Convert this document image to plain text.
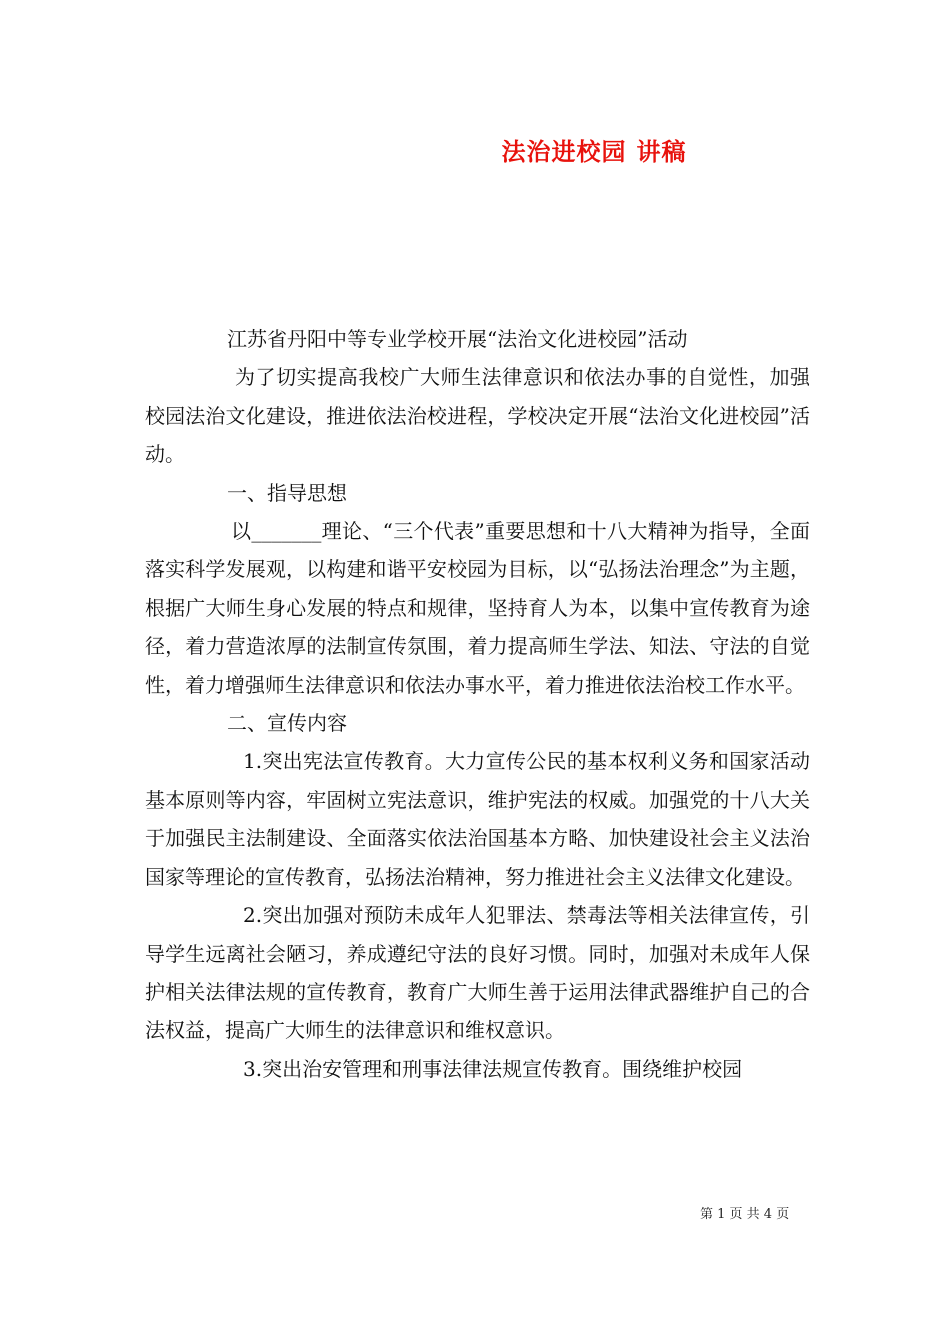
法治进校园 讲稿

江苏省丹阳中等专业学校开展“法治文化进校园”活动

为了切实提高我校广大师生法律意识和依法办事的自觉性，加强校园法治文化建设，推进依法治校进程，学校决定开展“法治文化进校园”活动。

一、指导思想

以_______理论、“三个代表”重要思想和十八大精神为指导，全面落实科学发展观，以构建和谐平安校园为目标，以“弘扬法治理念”为主题，根据广大师生身心发展的特点和规律，坚持育人为本，以集中宣传教育为途径，着力营造浓厚的法制宣传氛围，着力提高师生学法、知法、守法的自觉性，着力增强师生法律意识和依法办事水平，着力推进依法治校工作水平。

二、宣传内容

1.突出宪法宣传教育。大力宣传公民的基本权利义务和国家活动基本原则等内容，牢固树立宪法意识，维护宪法的权威。加强党的十八大关于加强民主法制建设、全面落实依法治国基本方略、加快建设社会主义法治国家等理论的宣传教育，弘扬法治精神，努力推进社会主义法律文化建设。

2.突出加强对预防未成年人犯罪法、禁毒法等相关法律宣传，引导学生远离社会陋习，养成遵纪守法的良好习惯。同时，加强对未成年人保护相关法律法规的宣传教育，教育广大师生善于运用法律武器维护自己的合法权益，提高广大师生的法律意识和维权意识。

3.突出治安管理和刑事法律法规宣传教育。围绕维护校园

第 1 页 共 4 页
